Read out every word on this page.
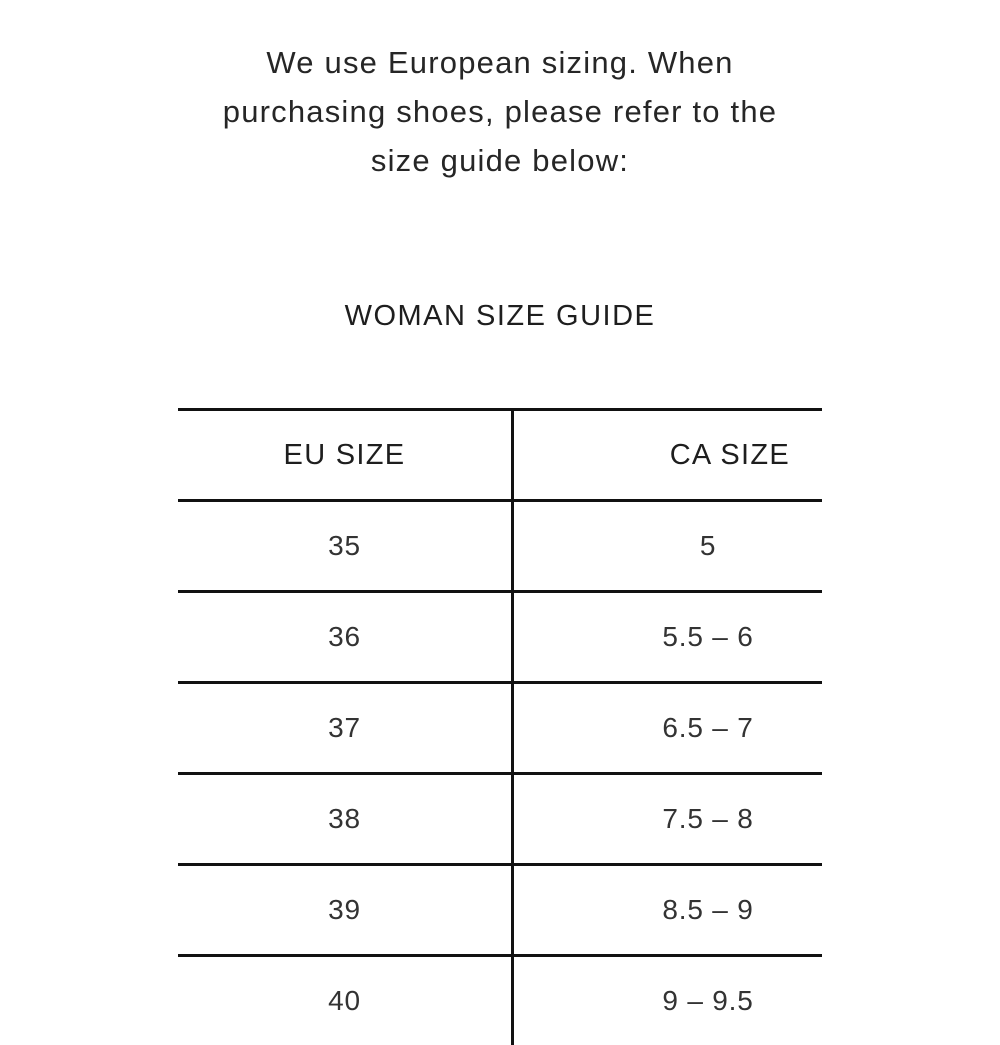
We use European sizing. When
purchasing shoes, please refer to the
size guide below:
WOMAN SIZE GUIDE
EU SIZE	CA SIZE
35	5
36	5.5 – 6
37	6.5 – 7
38	7.5 – 8
39	8.5 – 9
40	9 – 9.5
